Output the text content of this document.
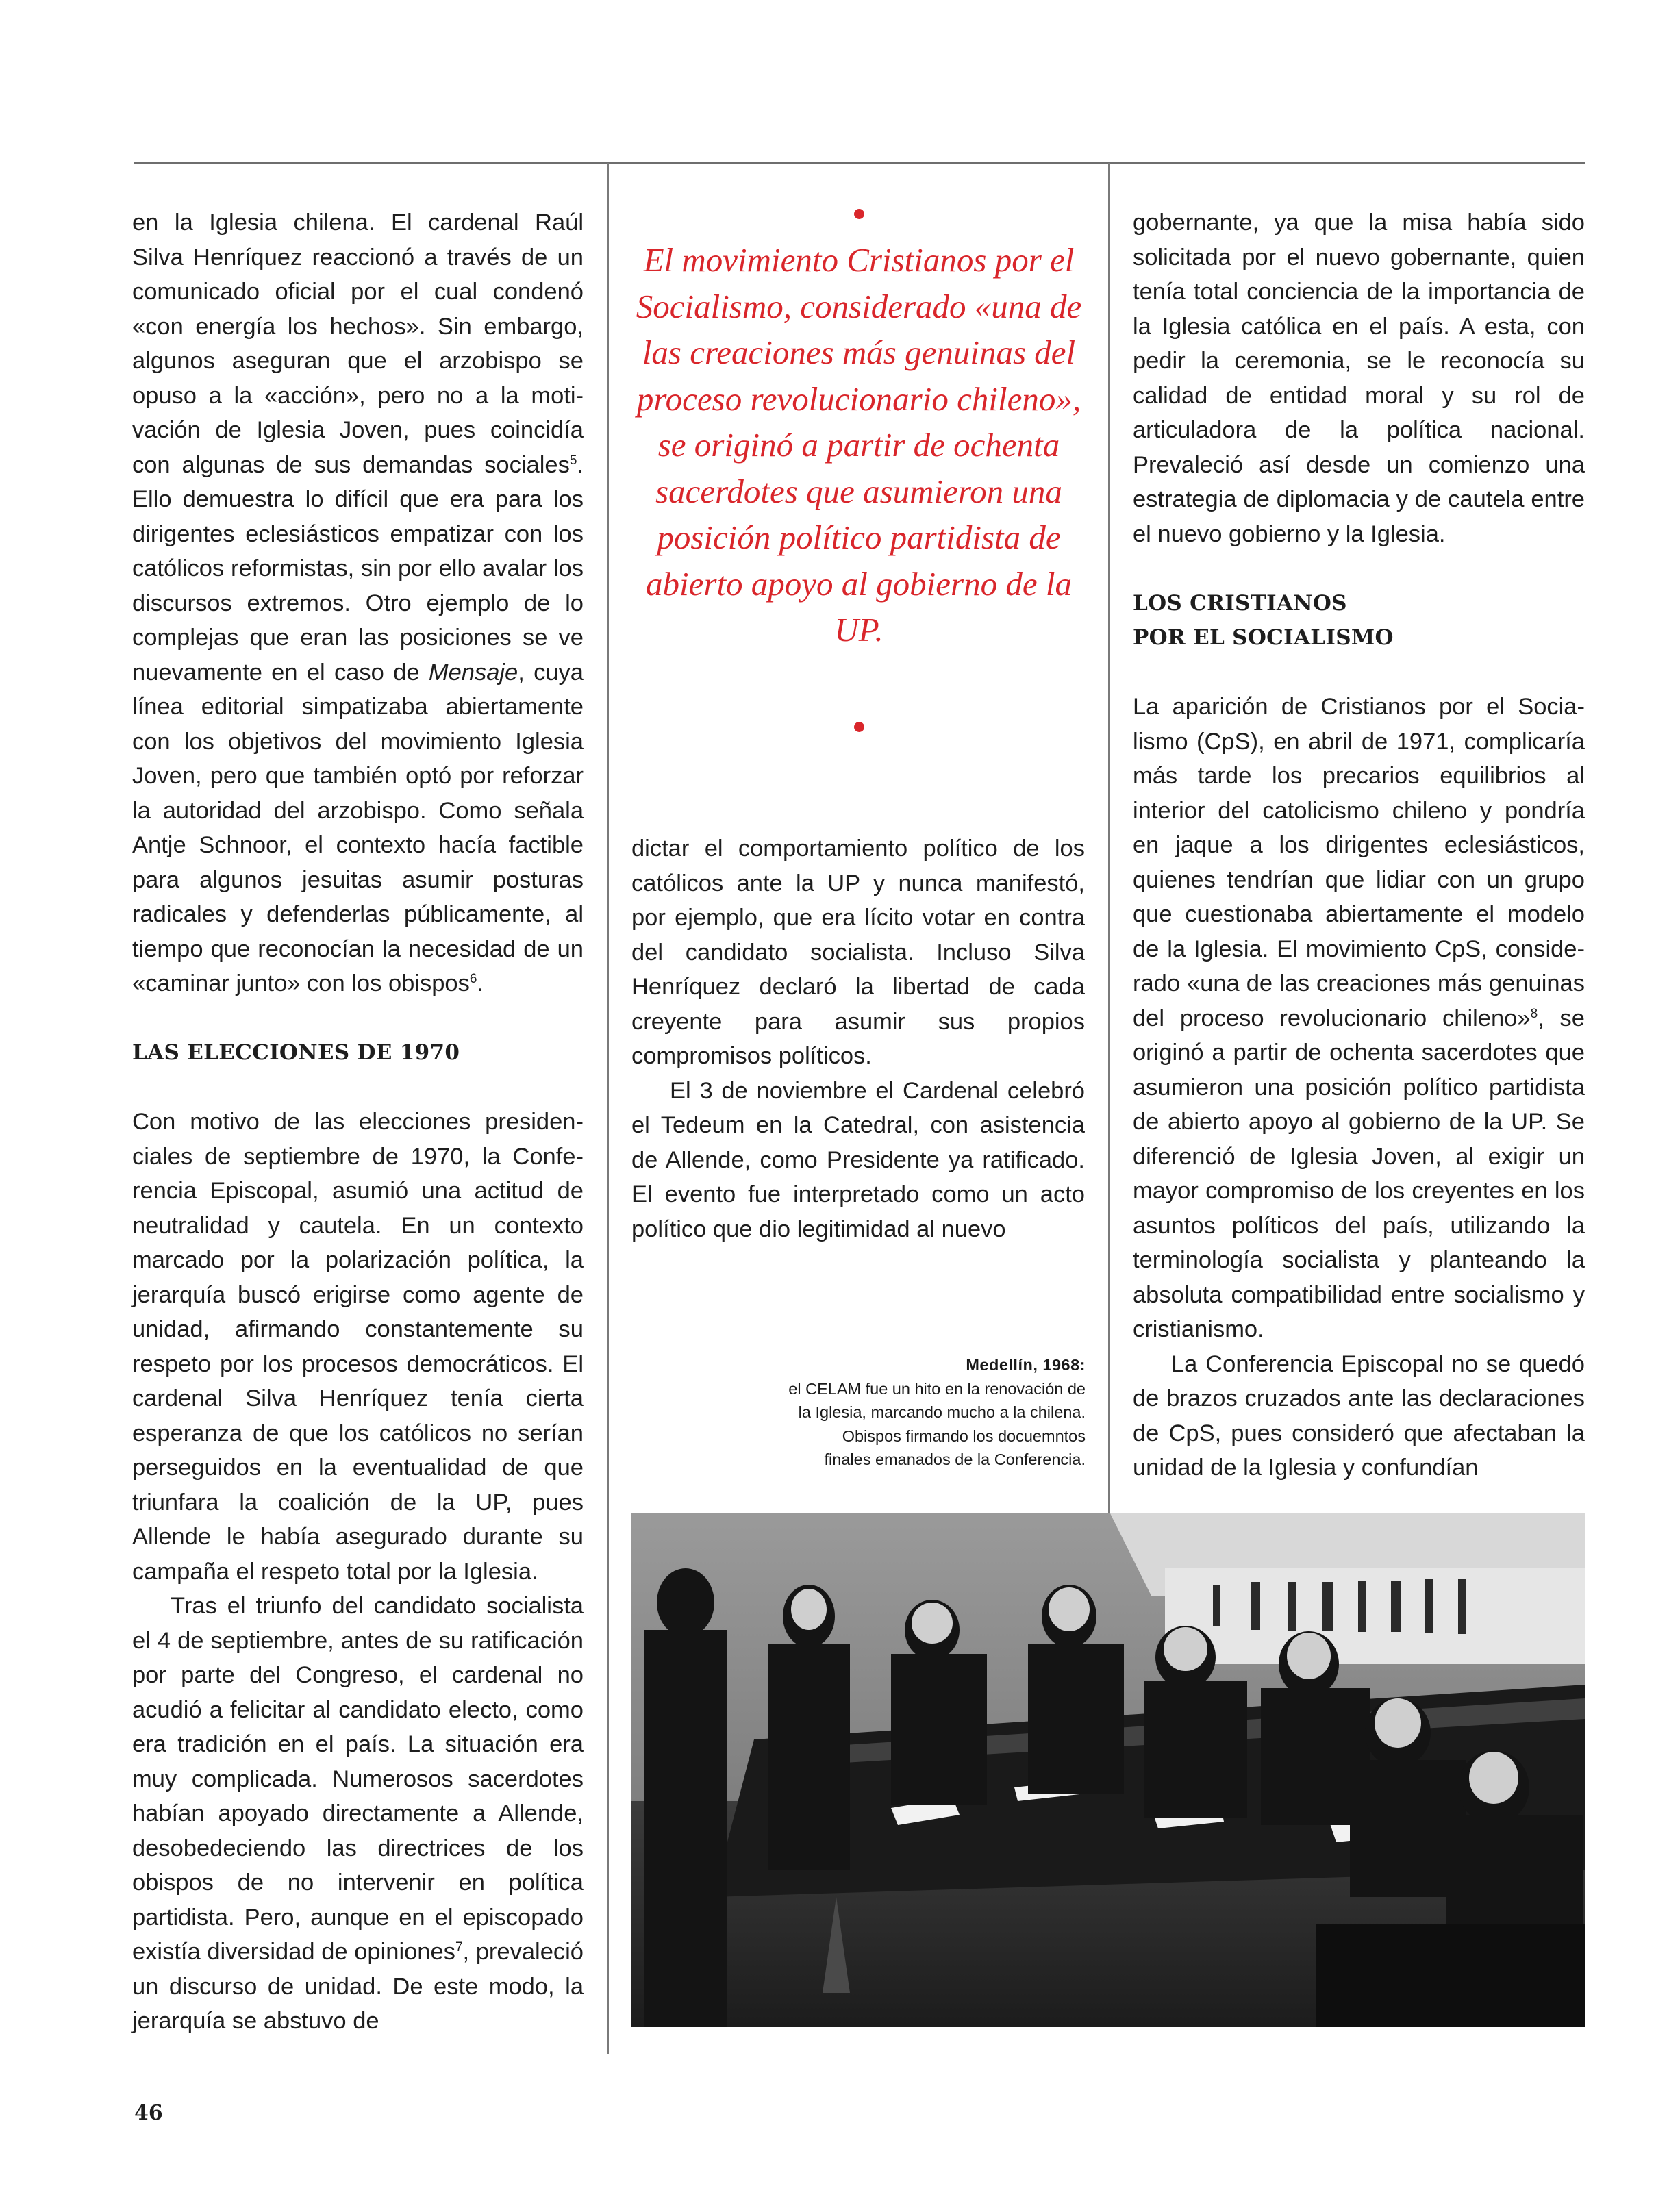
en la Iglesia chilena. El cardenal Raúl Silva Henríquez reaccionó a través de un comunicado oficial por el cual condenó «con energía los hechos». Sin embargo, algunos aseguran que el arzobispo se opuso a la «acción», pero no a la motivación de Iglesia Joven, pues coincidía con algunas de sus demandas sociales$^5$. Ello demuestra lo difícil que era para los dirigentes eclesiásticos empatizar con los católicos reformistas, sin por ello avalar los discursos extremos. Otro ejemplo de lo complejas que eran las posiciones se ve nuevamente en el caso de Mensaje, cuya línea editorial simpatizaba abiertamente con los objetivos del movimiento Iglesia Joven, pero que también optó por reforzar la autoridad del arzobispo. Como señala Antje Schnoor, el contexto hacía factible para algunos jesuitas asumir posturas radicales y defenderlas públicamente, al tiempo que reconocían la necesidad de un «caminar junto» con los obispos$^6$.

LAS ELECCIONES DE 1970

Con motivo de las elecciones presidenciales de septiembre de 1970, la Conferencia Episcopal, asumió una actitud de neutralidad y cautela. En un contexto marcado por la polarización política, la jerarquía buscó erigirse como agente de unidad, afirmando constantemente su respeto por los procesos democráticos. El cardenal Silva Henríquez tenía cierta esperanza de que los católicos no serían perseguidos en la eventualidad de que triunfara la coalición de la UP, pues Allende le había asegurado durante su campaña el respeto total por la Iglesia.

Tras el triunfo del candidato socialista el 4 de septiembre, antes de su ratificación por parte del Congreso, el cardenal no acudió a felicitar al candidato electo, como era tradición en el país. La situación era muy complicada. Numerosos sacerdotes habían apoyado directamente a Allende, desobedeciendo las directrices de los obispos de no intervenir en política partidista. Pero, aunque en el episcopado existía diversidad de opiniones$^7$, prevaleció un discurso de unidad. De este modo, la jerarquía se abstuvo de

El movimiento Cristianos por el Socialismo, considerado «una de las creaciones más genuinas del proceso revolucionario chileno», se originó a partir de ochenta sacerdotes que asumieron una posición político partidista de abierto apoyo al gobierno de la UP.

dictar el comportamiento político de los católicos ante la UP y nunca manifestó, por ejemplo, que era lícito votar en contra del candidato socialista. Incluso Silva Henríquez declaró la libertad de cada creyente para asumir sus propios compromisos políticos.

El 3 de noviembre el Cardenal celebró el Tedeum en la Catedral, con asistencia de Allende, como Presidente ya ratificado. El evento fue interpretado como un acto político que dio legitimidad al nuevo

Medellín, 1968:
el CELAM fue un hito en la renovación de
la Iglesia, marcando mucho a la chilena.
Obispos firmando los docuemntos
finales emanados de la Conferencia.

gobernante, ya que la misa había sido solicitada por el nuevo gobernante, quien tenía total conciencia de la importancia de la Iglesia católica en el país. A esta, con pedir la ceremonia, se le reconocía su calidad de entidad moral y su rol de articuladora de la política nacional. Prevaleció así desde un comienzo una estrategia de diplomacia y de cautela entre el nuevo gobierno y la Iglesia.

LOS CRISTIANOS
POR EL SOCIALISMO

La aparición de Cristianos por el Socialismo (CpS), en abril de 1971, complicaría más tarde los precarios equilibrios al interior del catolicismo chileno y pondría en jaque a los dirigentes eclesiásticos, quienes tendrían que lidiar con un grupo que cuestionaba abiertamente el modelo de la Iglesia. El movimiento CpS, considerado «una de las creaciones más genuinas del proceso revolucionario chileno»$^8$, se originó a partir de ochenta sacerdotes que asumieron una posición político partidista de abierto apoyo al gobierno de la UP. Se diferenció de Iglesia Joven, al exigir un mayor compromiso de los creyentes en los asuntos políticos del país, utilizando la terminología socialista y planteando la absoluta compatibilidad entre socialismo y cristianismo.

La Conferencia Episcopal no se quedó de brazos cruzados ante las declaraciones de CpS, pues consideró que afectaban la unidad de la Iglesia y confundían

46
